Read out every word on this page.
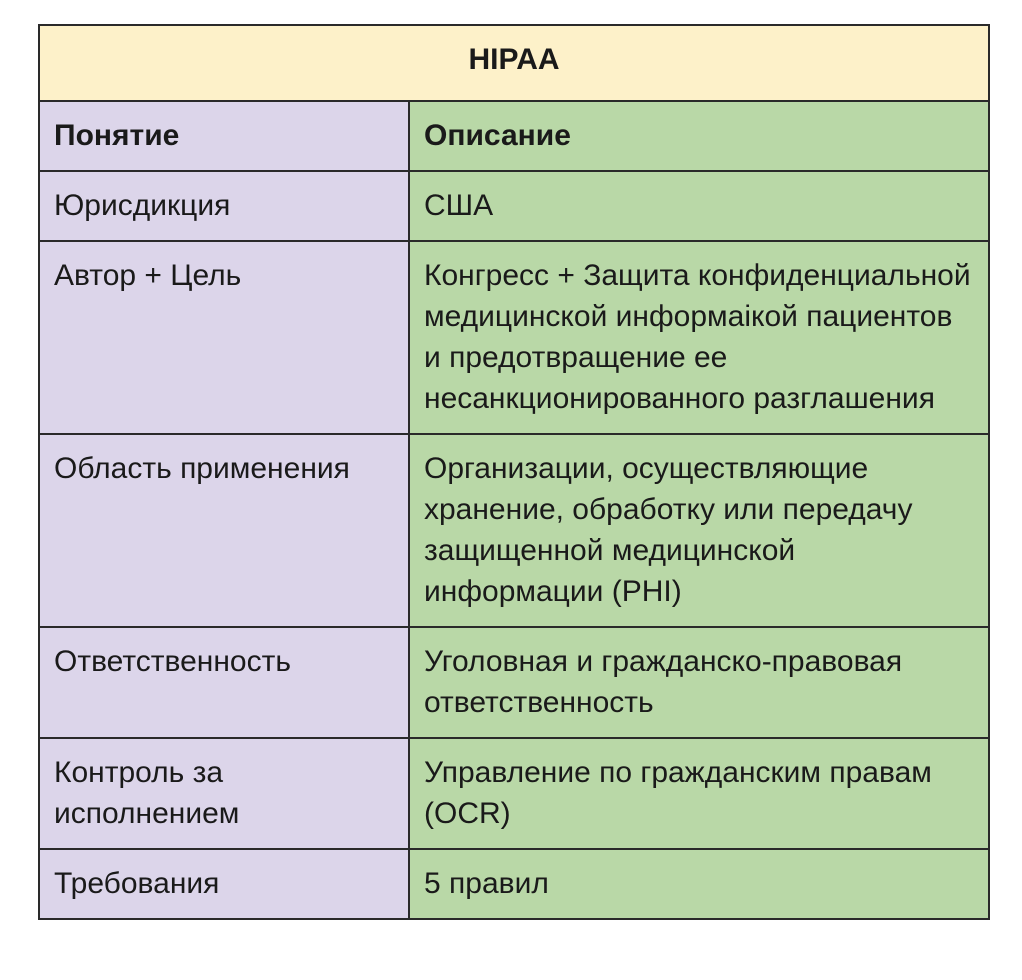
HIPAA	
Понятие	Описание
Юрисдикция	США
Автор + Цель	Конгресс + Защита конфиденциальной медицинской информаікой пациентов и предотвращение ее несанкционированного разглашения
Область применения	Организации, осуществляющие хранение, обработку или передачу защищенной медицинской информации (PHI)
Ответственность	Уголовная и гражданско-правовая ответственность
Контроль за исполнением	Управление по гражданским правам (OCR)
Требования	5 правил
